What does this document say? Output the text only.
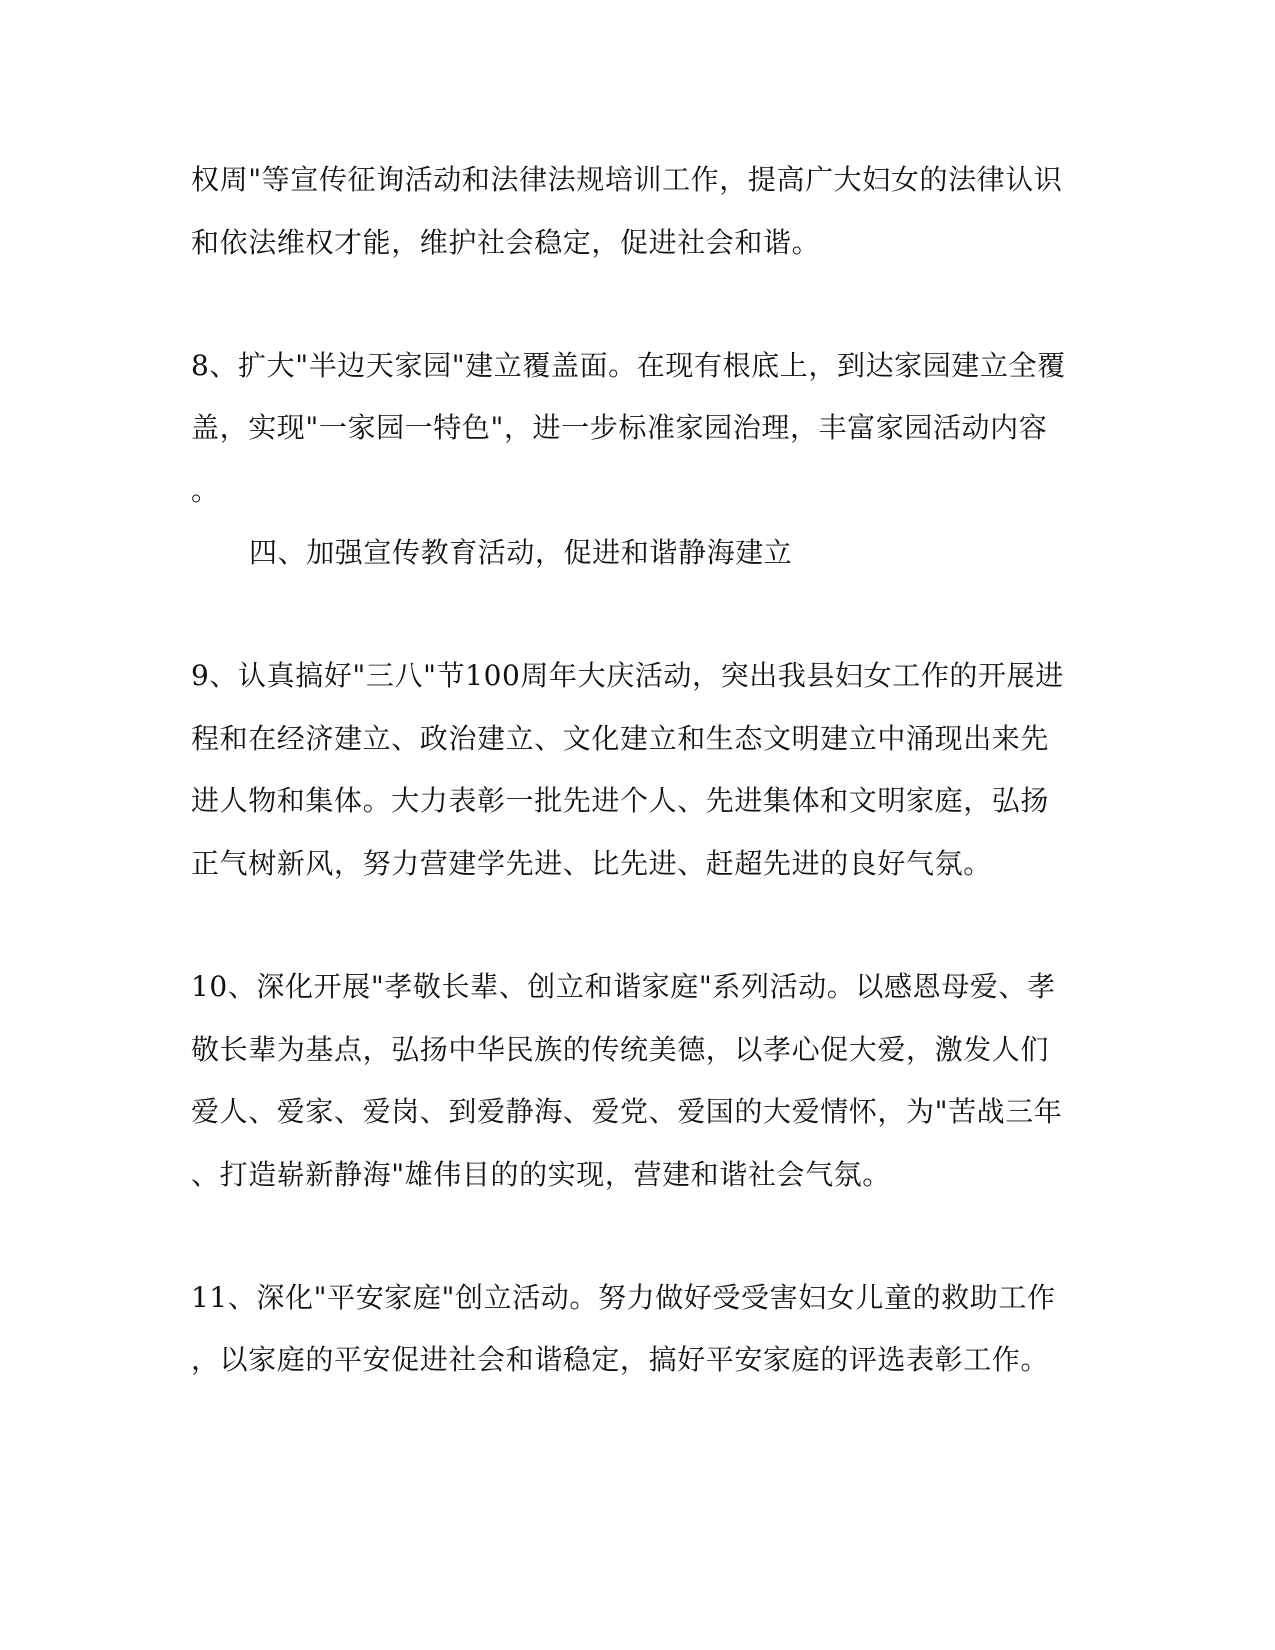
权周"等宣传征询活动和法律法规培训工作，提高广大妇女的法律认识
和依法维权才能，维护社会稳定，促进社会和谐。
8、扩大"半边天家园"建立覆盖面。在现有根底上，到达家园建立全覆
盖，实现"一家园一特色"，进一步标准家园治理，丰富家园活动内容
。
四、加强宣传教育活动，促进和谐静海建立
9、认真搞好"三八"节100周年大庆活动，突出我县妇女工作的开展进
程和在经济建立、政治建立、文化建立和生态文明建立中涌现出来先
进人物和集体。大力表彰一批先进个人、先进集体和文明家庭，弘扬
正气树新风，努力营建学先进、比先进、赶超先进的良好气氛。
10、深化开展"孝敬长辈、创立和谐家庭"系列活动。以感恩母爱、孝
敬长辈为基点，弘扬中华民族的传统美德，以孝心促大爱，激发人们
爱人、爱家、爱岗、到爱静海、爱党、爱国的大爱情怀，为"苦战三年
、打造崭新静海"雄伟目的的实现，营建和谐社会气氛。
11、深化"平安家庭"创立活动。努力做好受受害妇女儿童的救助工作
，以家庭的平安促进社会和谐稳定，搞好平安家庭的评选表彰工作。
